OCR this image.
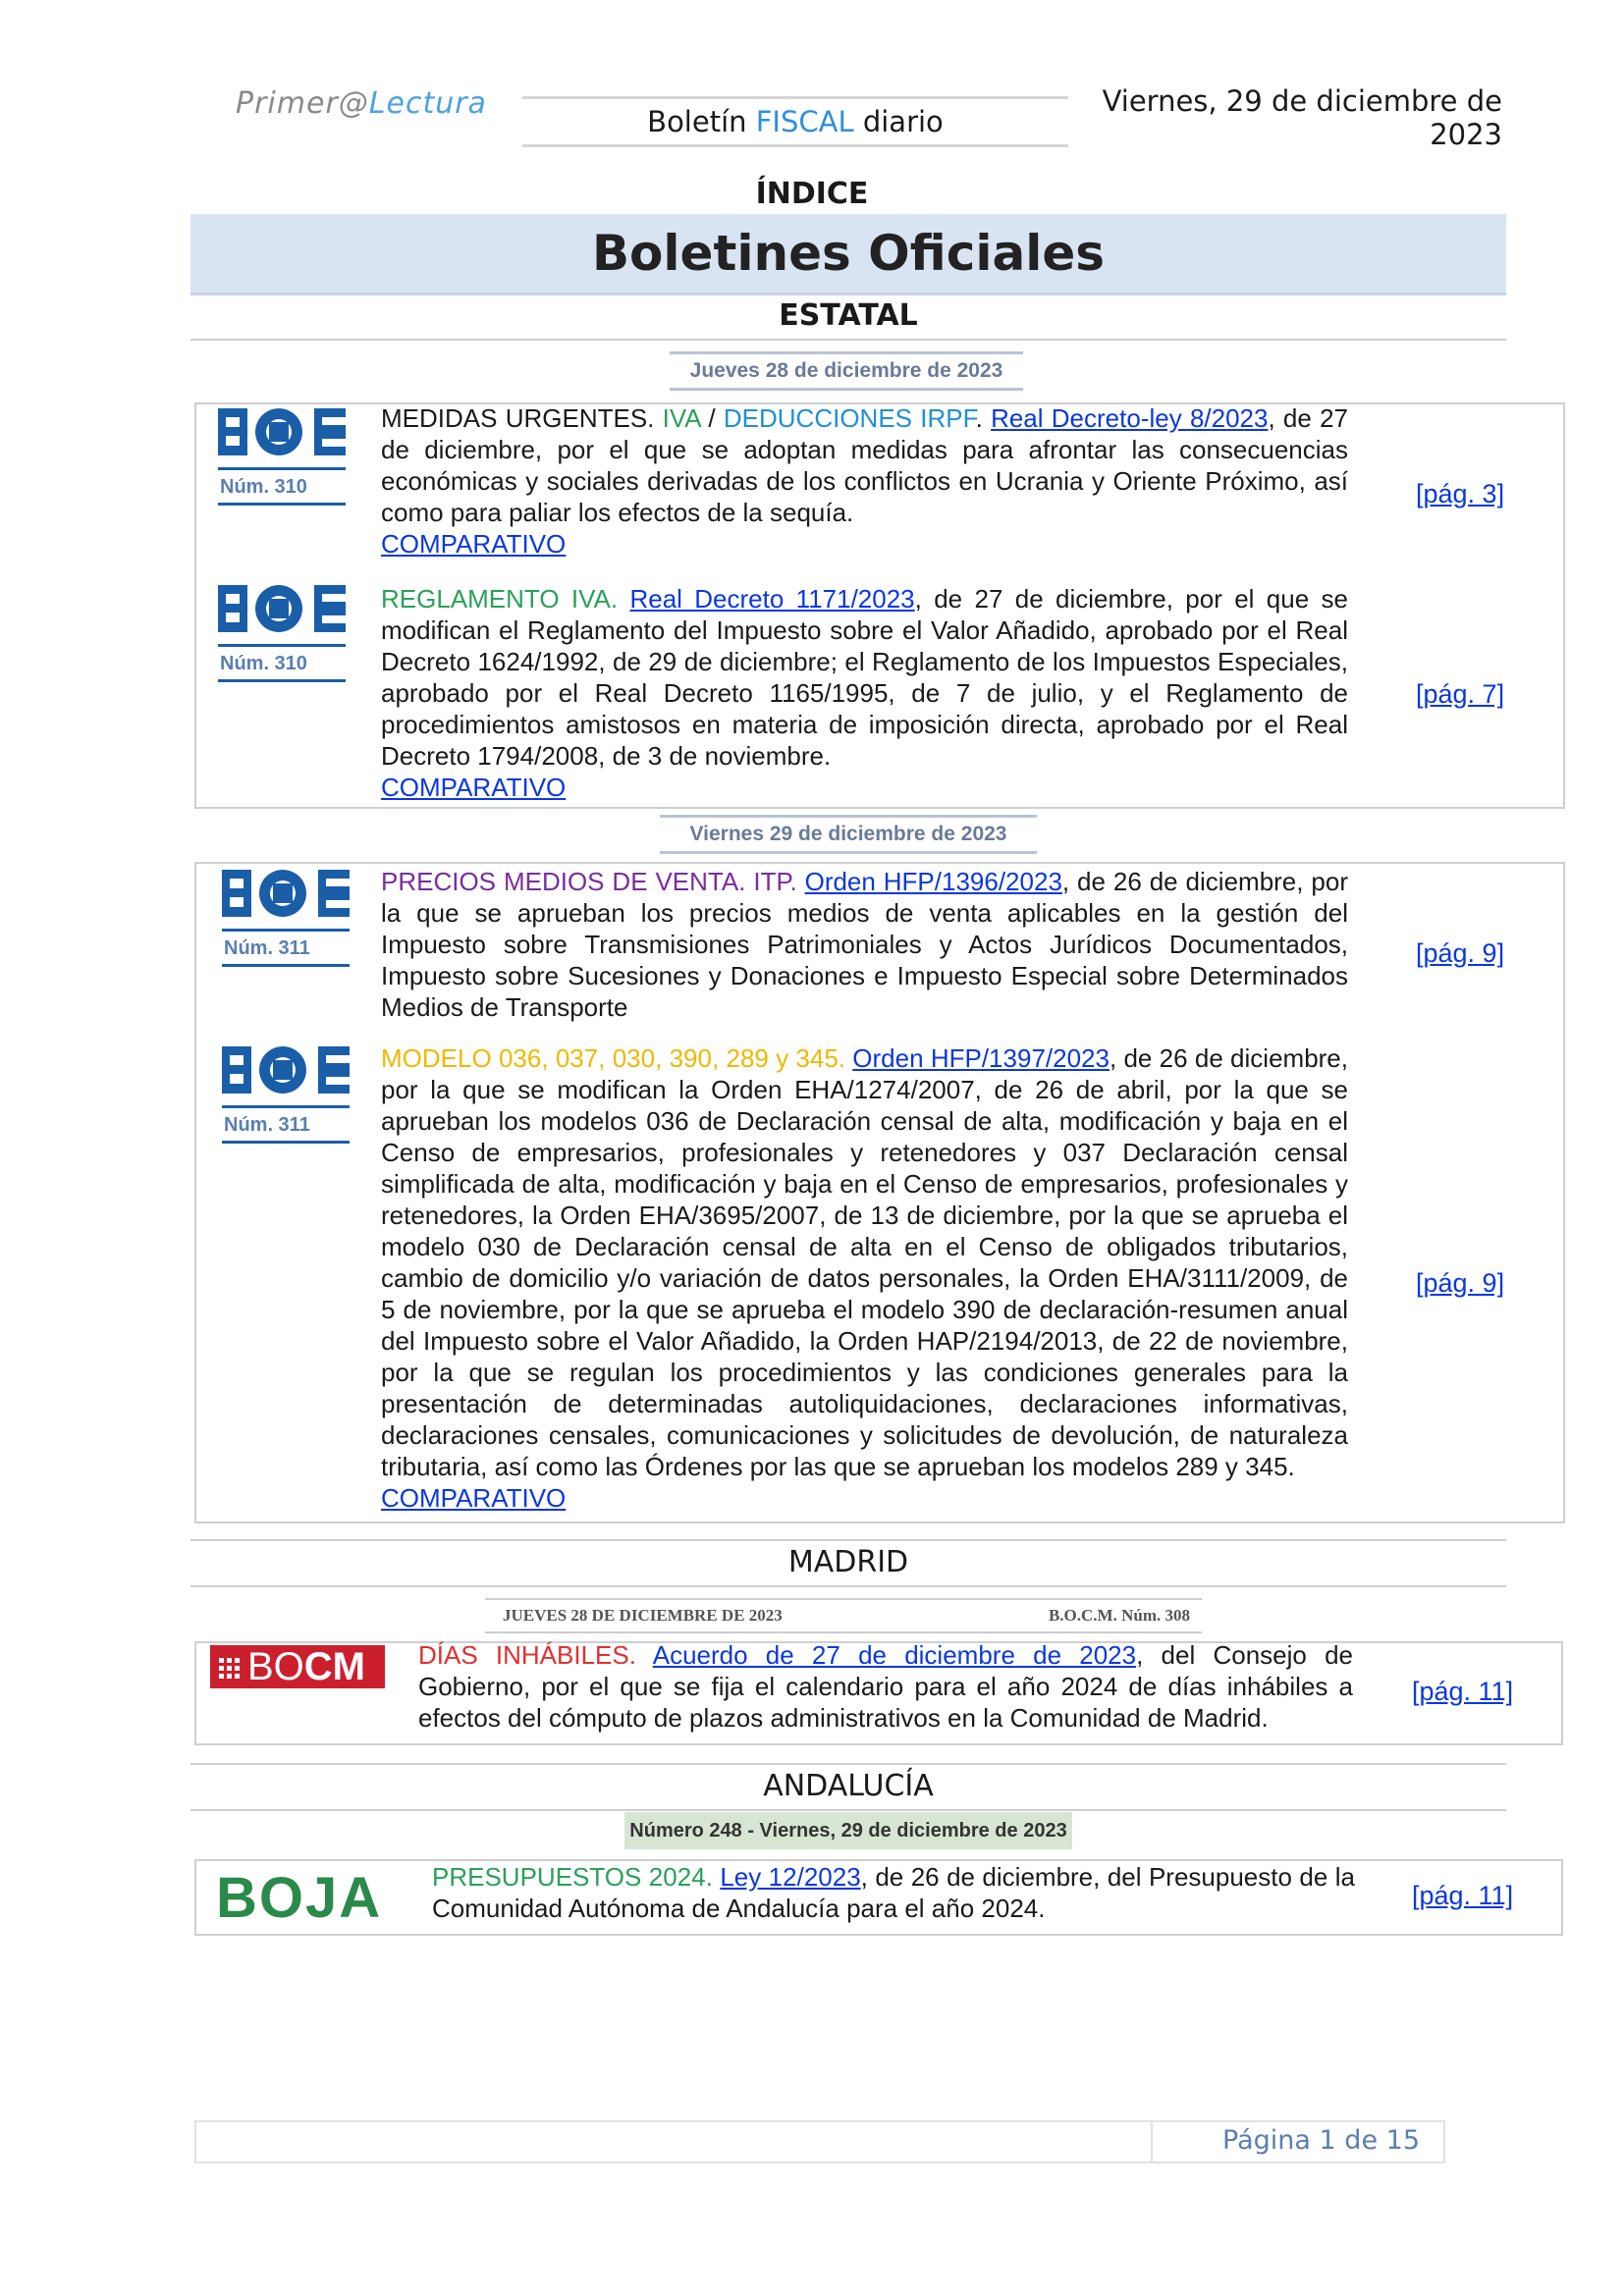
Primer@Lectura
Boletín FISCAL diario
Viernes, 29 de diciembre de 2023
ÍNDICE
Boletines Oficiales
ESTATAL
Jueves 28 de diciembre de 2023
Núm. 310
MEDIDAS URGENTES. IVA / DEDUCCIONES IRPF. Real Decreto-ley 8/2023, de 27 de diciembre, por el que se adoptan medidas para afrontar las consecuencias económicas y sociales derivadas de los conflictos en Ucrania y Oriente Próximo, así como para paliar los efectos de la sequía.
COMPARATIVO
[pág. 3]
Núm. 310
REGLAMENTO IVA. Real Decreto 1171/2023, de 27 de diciembre, por el que se modifican el Reglamento del Impuesto sobre el Valor Añadido, aprobado por el Real Decreto 1624/1992, de 29 de diciembre; el Reglamento de los Impuestos Especiales, aprobado por el Real Decreto 1165/1995, de 7 de julio, y el Reglamento de procedimientos amistosos en materia de imposición directa, aprobado por el Real Decreto 1794/2008, de 3 de noviembre.
COMPARATIVO
[pág. 7]
Viernes 29 de diciembre de 2023
Núm. 311
PRECIOS MEDIOS DE VENTA. ITP. Orden HFP/1396/2023, de 26 de diciembre, por la que se aprueban los precios medios de venta aplicables en la gestión del Impuesto sobre Transmisiones Patrimoniales y Actos Jurídicos Documentados, Impuesto sobre Sucesiones y Donaciones e Impuesto Especial sobre Determinados Medios de Transporte
[pág. 9]
Núm. 311
MODELO 036, 037, 030, 390, 289 y 345. Orden HFP/1397/2023, de 26 de diciembre, por la que se modifican la Orden EHA/1274/2007, de 26 de abril, por la que se aprueban los modelos 036 de Declaración censal de alta, modificación y baja en el Censo de empresarios, profesionales y retenedores y 037 Declaración censal simplificada de alta, modificación y baja en el Censo de empresarios, profesionales y retenedores, la Orden EHA/3695/2007, de 13 de diciembre, por la que se aprueba el modelo 030 de Declaración censal de alta en el Censo de obligados tributarios, cambio de domicilio y/o variación de datos personales, la Orden EHA/3111/2009, de 5 de noviembre, por la que se aprueba el modelo 390 de declaración-resumen anual del Impuesto sobre el Valor Añadido, la Orden HAP/2194/2013, de 22 de noviembre, por la que se regulan los procedimientos y las condiciones generales para la presentación de determinadas autoliquidaciones, declaraciones informativas, declaraciones censales, comunicaciones y solicitudes de devolución, de naturaleza tributaria, así como las Órdenes por las que se aprueban los modelos 289 y 345.
COMPARATIVO
[pág. 9]
MADRID
JUEVES 28 DE DICIEMBRE DE 2023	B.O.C.M. Núm. 308
BOCM	DÍAS INHÁBILES. Acuerdo de 27 de diciembre de 2023, del Consejo de Gobierno, por el que se fija el calendario para el año 2024 de días inhábiles a efectos del cómputo de plazos administrativos en la Comunidad de Madrid.
[pág. 11]
ANDALUCÍA
Número 248 - Viernes, 29 de diciembre de 2023
BOJA PRESUPUESTOS 2024. Ley 12/2023, de 26 de diciembre, del Presupuesto de la Comunidad Autónoma de Andalucía para el año 2024.	[pág. 11]
Página 1 de 15
